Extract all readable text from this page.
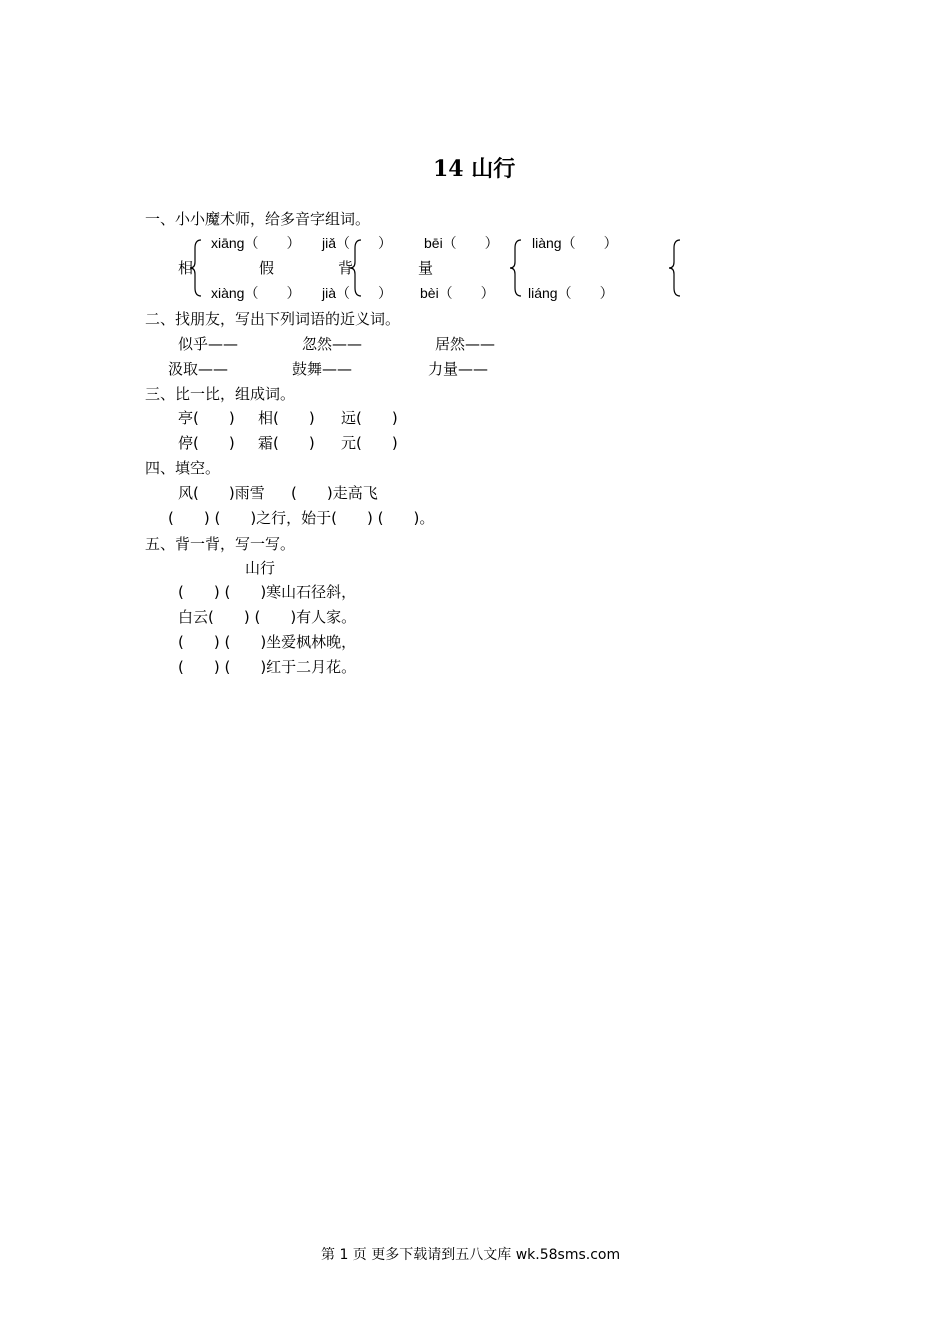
14 山行
一、小小魔术师，给多音字组词。
xiāng（　　） jiǎ（　　） bēi（　　） liàng（　　）
相	假	背	量
xiàng（　　） jià（　　） bèi（　　） liáng（　　）
二、找朋友，写出下列词语的近义词。
似乎——	忽然——	居然——
汲取——	鼓舞——	力量——
三、比一比，组成词。
亭(　　) 相(　　) 远(　　)
停(　　) 霜(　　) 元(　　)
四、填空。
风(　　)雨雪 (　　)走高飞
(　　) (　　)之行，始于(　　) (　　)。
五、背一背，写一写。
山行
(　　) (　　)寒山石径斜，
白云(　　) (　　)有人家。
(　　) (　　)坐爱枫林晚，
(　　) (　　)红于二月花。
第 1 页 更多下载请到五八文库 wk.58sms.com
